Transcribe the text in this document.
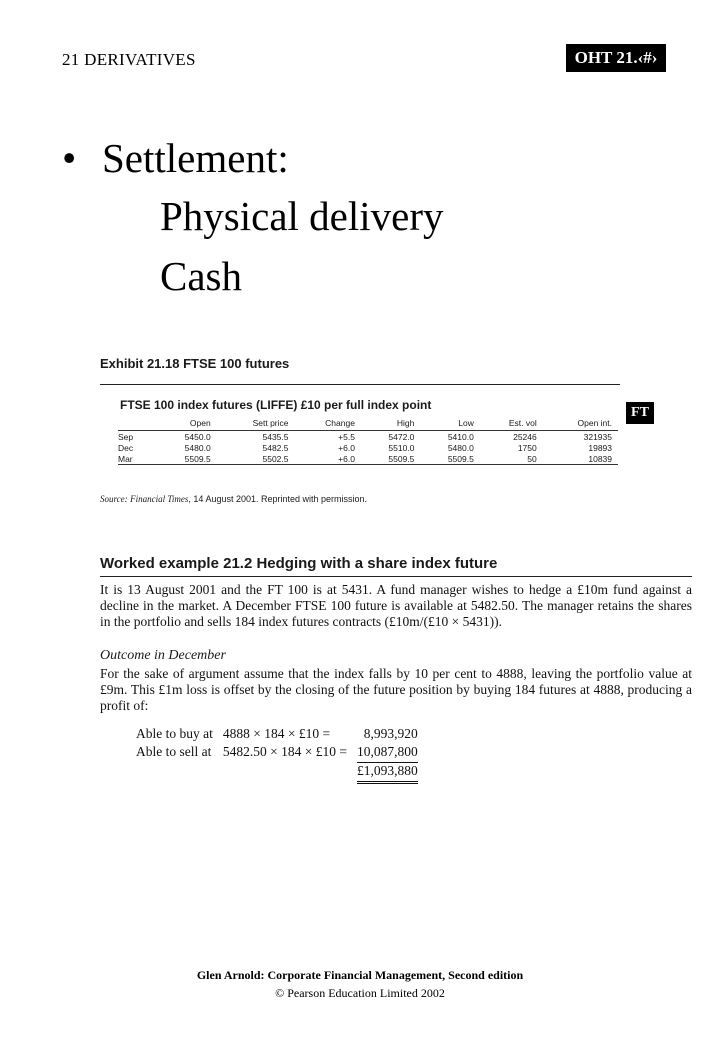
21 DERIVATIVES	OHT 21.‹#›
• Settlement:
Physical delivery
Cash
Exhibit 21.18 FTSE 100 futures
FTSE 100 index futures (LIFFE) £10 per full index point	FT
	Open	Sett price	Change	High	Low	Est. vol	Open int.
Sep	5450.0	5435.5	+5.5	5472.0	5410.0	25246	321935
Dec	5480.0	5482.5	+6.0	5510.0	5480.0	1750	19893
Mar	5509.5	5502.5	+6.0	5509.5	5509.5	50	10839
Source: Financial Times, 14 August 2001. Reprinted with permission.
Worked example 21.2 Hedging with a share index future
It is 13 August 2001 and the FT 100 is at 5431. A fund manager wishes to hedge a £10m fund against a decline in the market. A December FTSE 100 future is available at 5482.50. The manager retains the shares in the portfolio and sells 184 index futures contracts (£10m/(£10 × 5431)).
Outcome in December
For the sake of argument assume that the index falls by 10 per cent to 4888, leaving the portfolio value at £9m. This £1m loss is offset by the closing of the future position by buying 184 futures at 4888, producing a profit of:
Able to buy at	4888 × 184 × £10 =	8,993,920
Able to sell at	5482.50 × 184 × £10 =	10,087,800
		£1,093,880
Glen Arnold: Corporate Financial Management, Second edition
© Pearson Education Limited 2002
